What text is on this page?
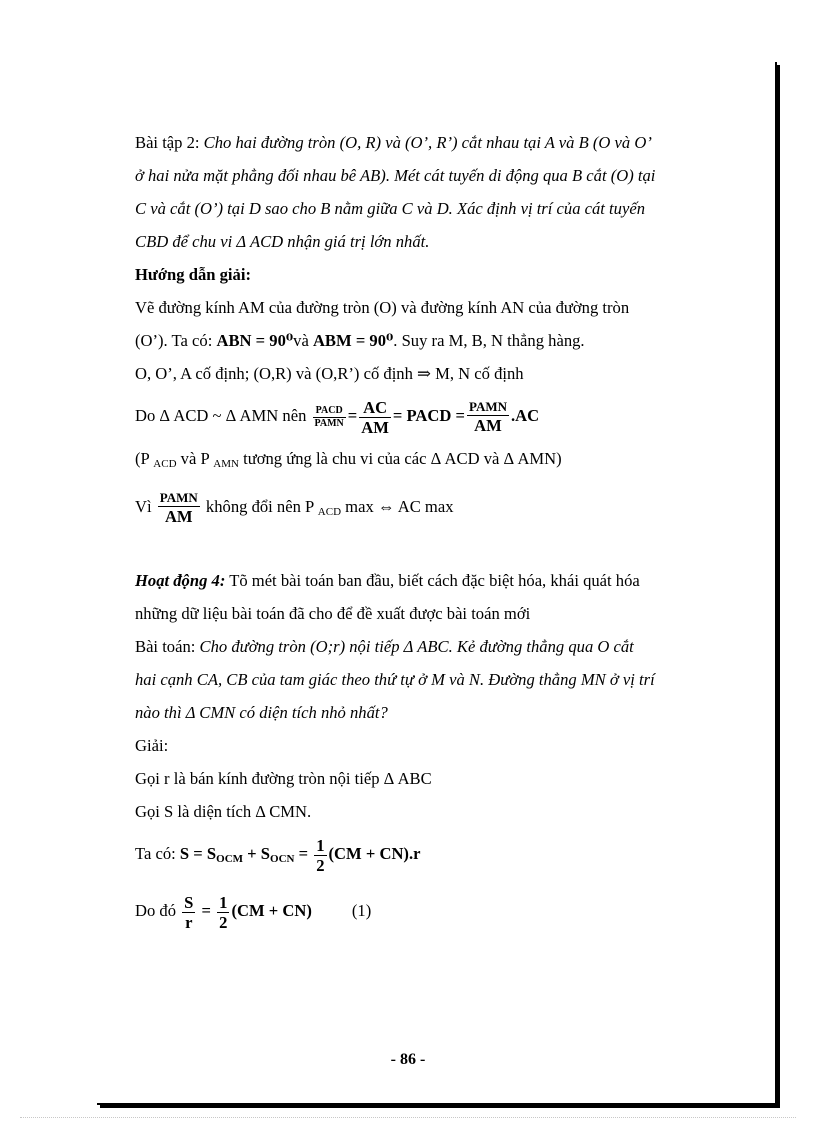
Bài tập 2: Cho hai đường tròn (O, R) và (O’, R’) cắt nhau tại A và B (O và O’

ở hai nửa mặt phẳng đối nhau bê AB). Mét cát tuyến di động qua B cắt (O) tại

C và cắt (O’) tại D sao cho B nằm giữa C và D. Xác định vị trí của cát tuyến

CBD để chu vi Δ ACD nhận giá trị lớn nhất.

Hướng dẫn giải:

Vẽ đường kính AM của đường tròn (O) và đường kính AN của đường tròn

(O’). Ta có: ABN = 90⁰và ABM = 90⁰. Suy ra M, B, N thẳng hàng.

O, O’, A cố định; (O,R) và (O,R’) cố định ⇒ M, N cố định

Do Δ ACD ~ Δ AMN nên $\frac{\text{PACD}}{\text{PAMN}} = \frac{AC}{AM}$ = PACD = $\frac{\text{PAMN}}{AM} .AC$

(P $_{ACD}$ và P $_{AMN}$ tương ứng là chu vi của các Δ ACD và Δ AMN)

Vì $\frac{\text{PAMN}}{AM}$ không đổi nên P $_{ACD}$ max ⇔ AC max

Hoạt động 4: Tõ mét bài toán ban đầu, biết cách đặc biệt hóa, khái quát hóa

những dữ liệu bài toán đã cho để đề xuất được bài toán mới

Bài toán: Cho đường tròn (O;r) nội tiếp Δ ABC. Kẻ đường thẳng qua O cắt

hai cạnh CA, CB của tam giác theo thứ tự ở M và N. Đường thẳng MN ở vị trí

nào thì Δ CMN có diện tích nhỏ nhất?

Giải:

Gọi r là bán kính đường tròn nội tiếp Δ ABC

Gọi S là diện tích Δ CMN.

Ta có: $S = S_{OCM} + S_{OCN} = \frac{1}{2} (CM + CN).r$

Do đó $\frac{S}{r} = \frac{1}{2} (CM + CN)$ (1)

- 86 -
